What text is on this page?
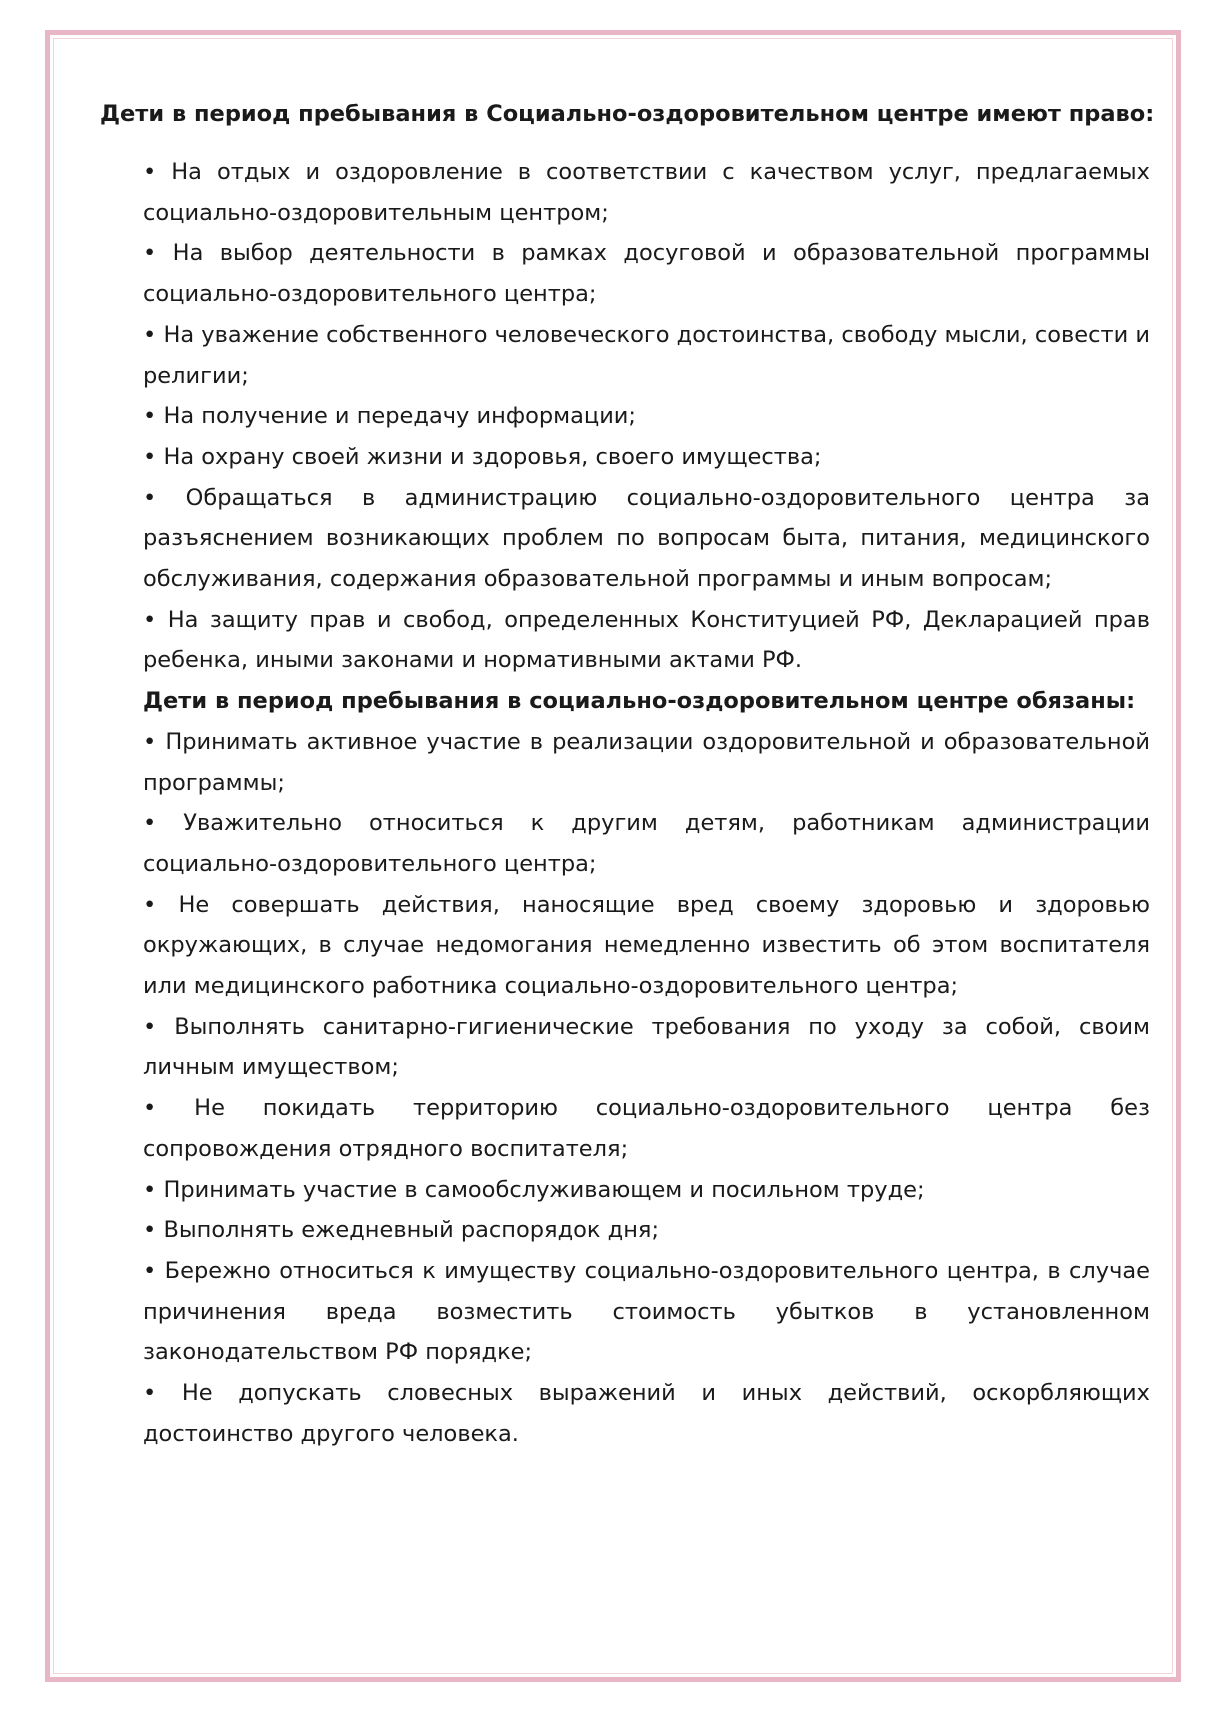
Дети в период пребывания в Социально-оздоровительном центре имеют право:
• На отдых и оздоровление в соответствии с качеством услуг, предлагаемых социально-оздоровительным центром;
• На выбор деятельности в рамках досуговой и образовательной программы социально-оздоровительного центра;
• На уважение собственного человеческого достоинства, свободу мысли, совести и религии;
• На получение и передачу информации;
• На охрану своей жизни и здоровья, своего имущества;
• Обращаться в администрацию социально-оздоровительного центра за разъяснением возникающих проблем по вопросам быта, питания, медицинского обслуживания, содержания образовательной программы и иным вопросам;
• На защиту прав и свобод, определенных Конституцией РФ, Декларацией прав ребенка, иными законами и нормативными актами РФ.
Дети в период пребывания в социально-оздоровительном центре обязаны:
• Принимать активное участие в реализации оздоровительной и образовательной программы;
• Уважительно относиться к другим детям, работникам администрации социально-оздоровительного центра;
• Не совершать действия, наносящие вред своему здоровью и здоровью окружающих, в случае недомогания немедленно известить об этом воспитателя или медицинского работника социально-оздоровительного центра;
• Выполнять санитарно-гигиенические требования по уходу за собой, своим личным имуществом;
• Не покидать территорию социально-оздоровительного центра без сопровождения отрядного воспитателя;
• Принимать участие в самообслуживающем и посильном труде;
• Выполнять ежедневный распорядок дня;
• Бережно относиться к имуществу социально-оздоровительного центра, в случае причинения вреда возместить стоимость убытков в установленном законодательством РФ порядке;
• Не допускать словесных выражений и иных действий, оскорбляющих достоинство другого человека.
